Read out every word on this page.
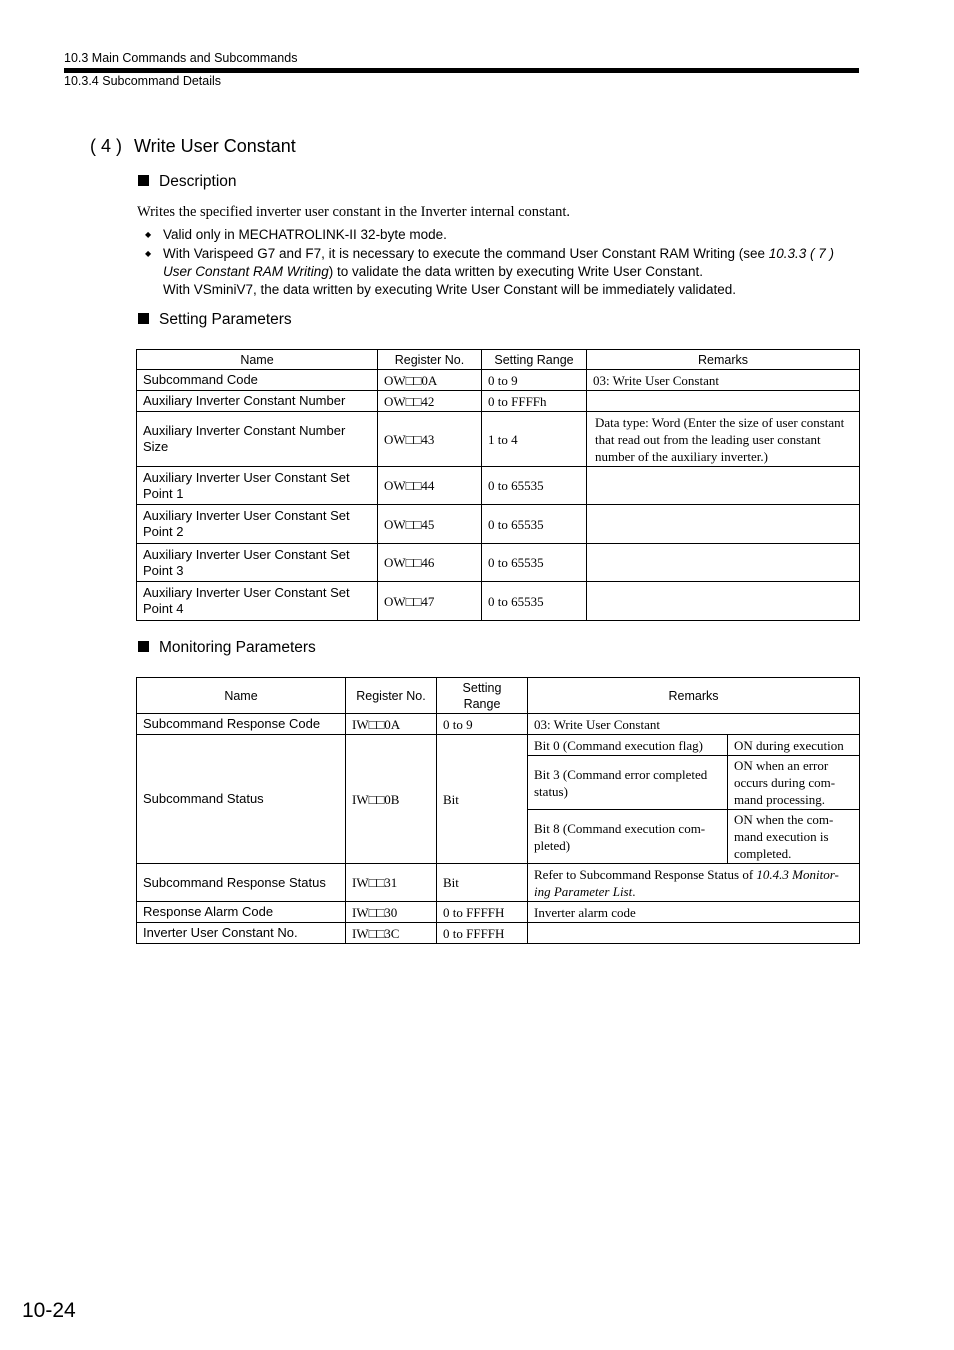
10.3 Main Commands and Subcommands
10.3.4 Subcommand Details
( 4 ) Write User Constant
Description
Writes the specified inverter user constant in the Inverter internal constant.
◆ Valid only in MECHATROLINK-II 32-byte mode.
◆ With Varispeed G7 and F7, it is necessary to execute the command User Constant RAM Writing (see 10.3.3 ( 7 ) User Constant RAM Writing) to validate the data written by executing Write User Constant.
With VSminiV7, the data written by executing Write User Constant will be immediately validated.
Setting Parameters
Name	Register No.	Setting Range	Remarks
Subcommand Code	OW□□0A	0 to 9	03: Write User Constant
Auxiliary Inverter Constant Number	OW□□42	0 to FFFFh	
Auxiliary Inverter Constant Number Size	OW□□43	1 to 4	Data type: Word (Enter the size of user constant that read out from the leading user constant number of the auxiliary inverter.)
Auxiliary Inverter User Constant Set Point 1	OW□□44	0 to 65535	
Auxiliary Inverter User Constant Set Point 2	OW□□45	0 to 65535	
Auxiliary Inverter User Constant Set Point 3	OW□□46	0 to 65535	
Auxiliary Inverter User Constant Set Point 4	OW□□47	0 to 65535	
Monitoring Parameters
Name	Register No.	Setting Range	Remarks	
Subcommand Response Code	IW□□0A	0 to 9	03: Write User Constant	
Subcommand Status	IW□□0B	Bit	Bit 0 (Command execution flag)	ON during execution
			Bit 3 (Command error completed status)	ON when an error occurs during com-mand processing.
			Bit 8 (Command execution com-pleted)	ON when the com-mand execution is completed.
Subcommand Response Status	IW□□31	Bit	Refer to Subcommand Response Status of 10.4.3 Monitor-ing Parameter List.	
Response Alarm Code	IW□□30	0 to FFFFH	Inverter alarm code	
Inverter User Constant No.	IW□□3C	0 to FFFFH		
10-24
